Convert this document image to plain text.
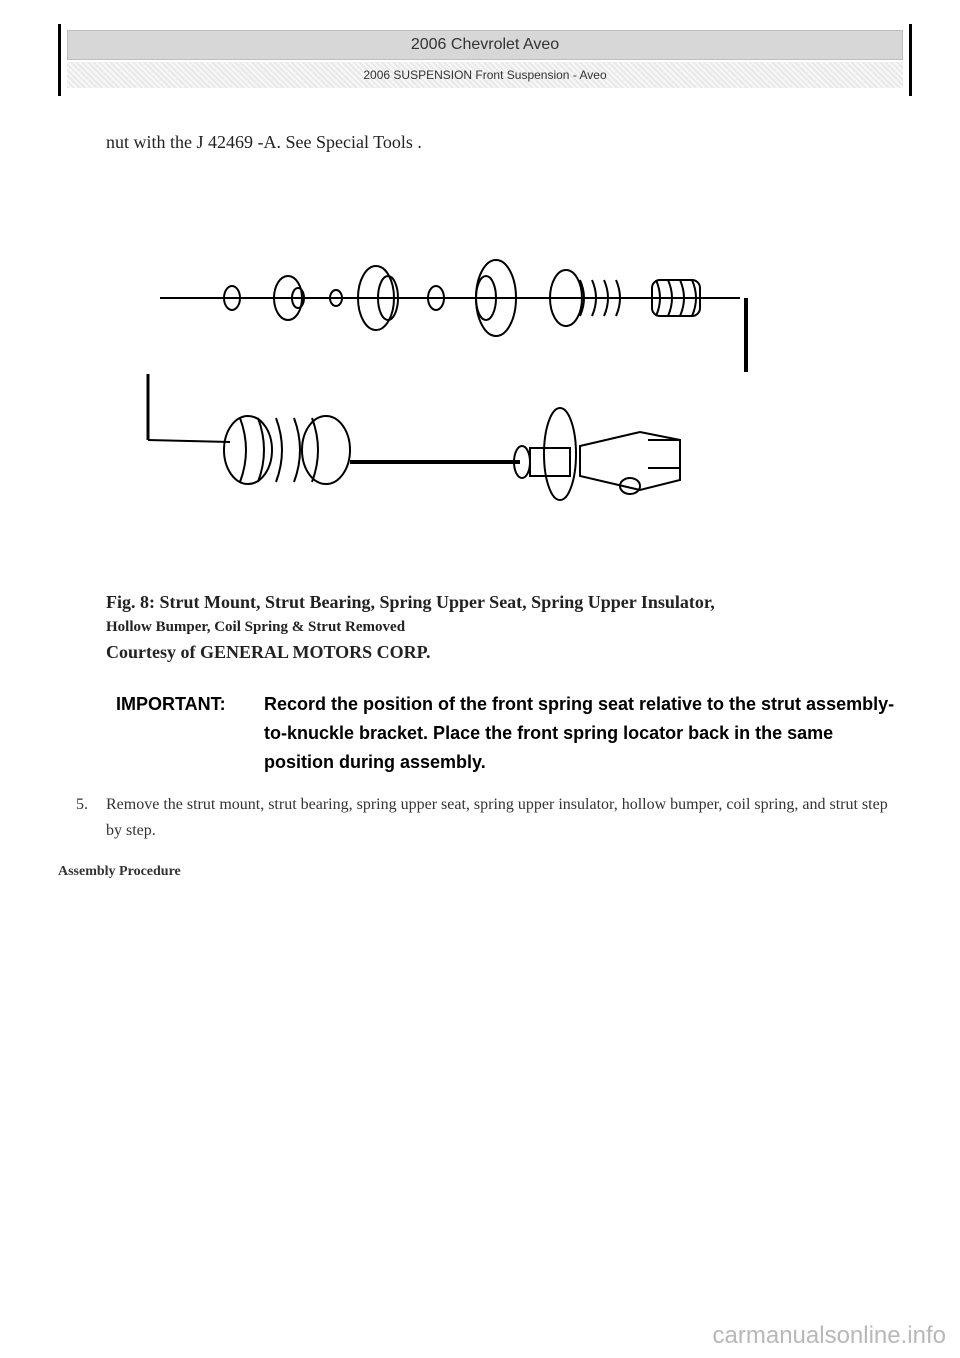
2006 Chevrolet Aveo
2006 SUSPENSION Front Suspension - Aveo
nut with the J 42469 -A. See Special Tools .
Fig. 8: Strut Mount, Strut Bearing, Spring Upper Seat, Spring Upper Insulator,
Hollow Bumper, Coil Spring & Strut Removed
Courtesy of GENERAL MOTORS CORP.
IMPORTANT:	Record the position of the front spring seat relative to the strut assembly-to-knuckle bracket. Place the front spring locator back in the same position during assembly.
5.	Remove the strut mount, strut bearing, spring upper seat, spring upper insulator, hollow bumper, coil spring, and strut step by step.
Assembly Procedure
carmanualsonline.info
